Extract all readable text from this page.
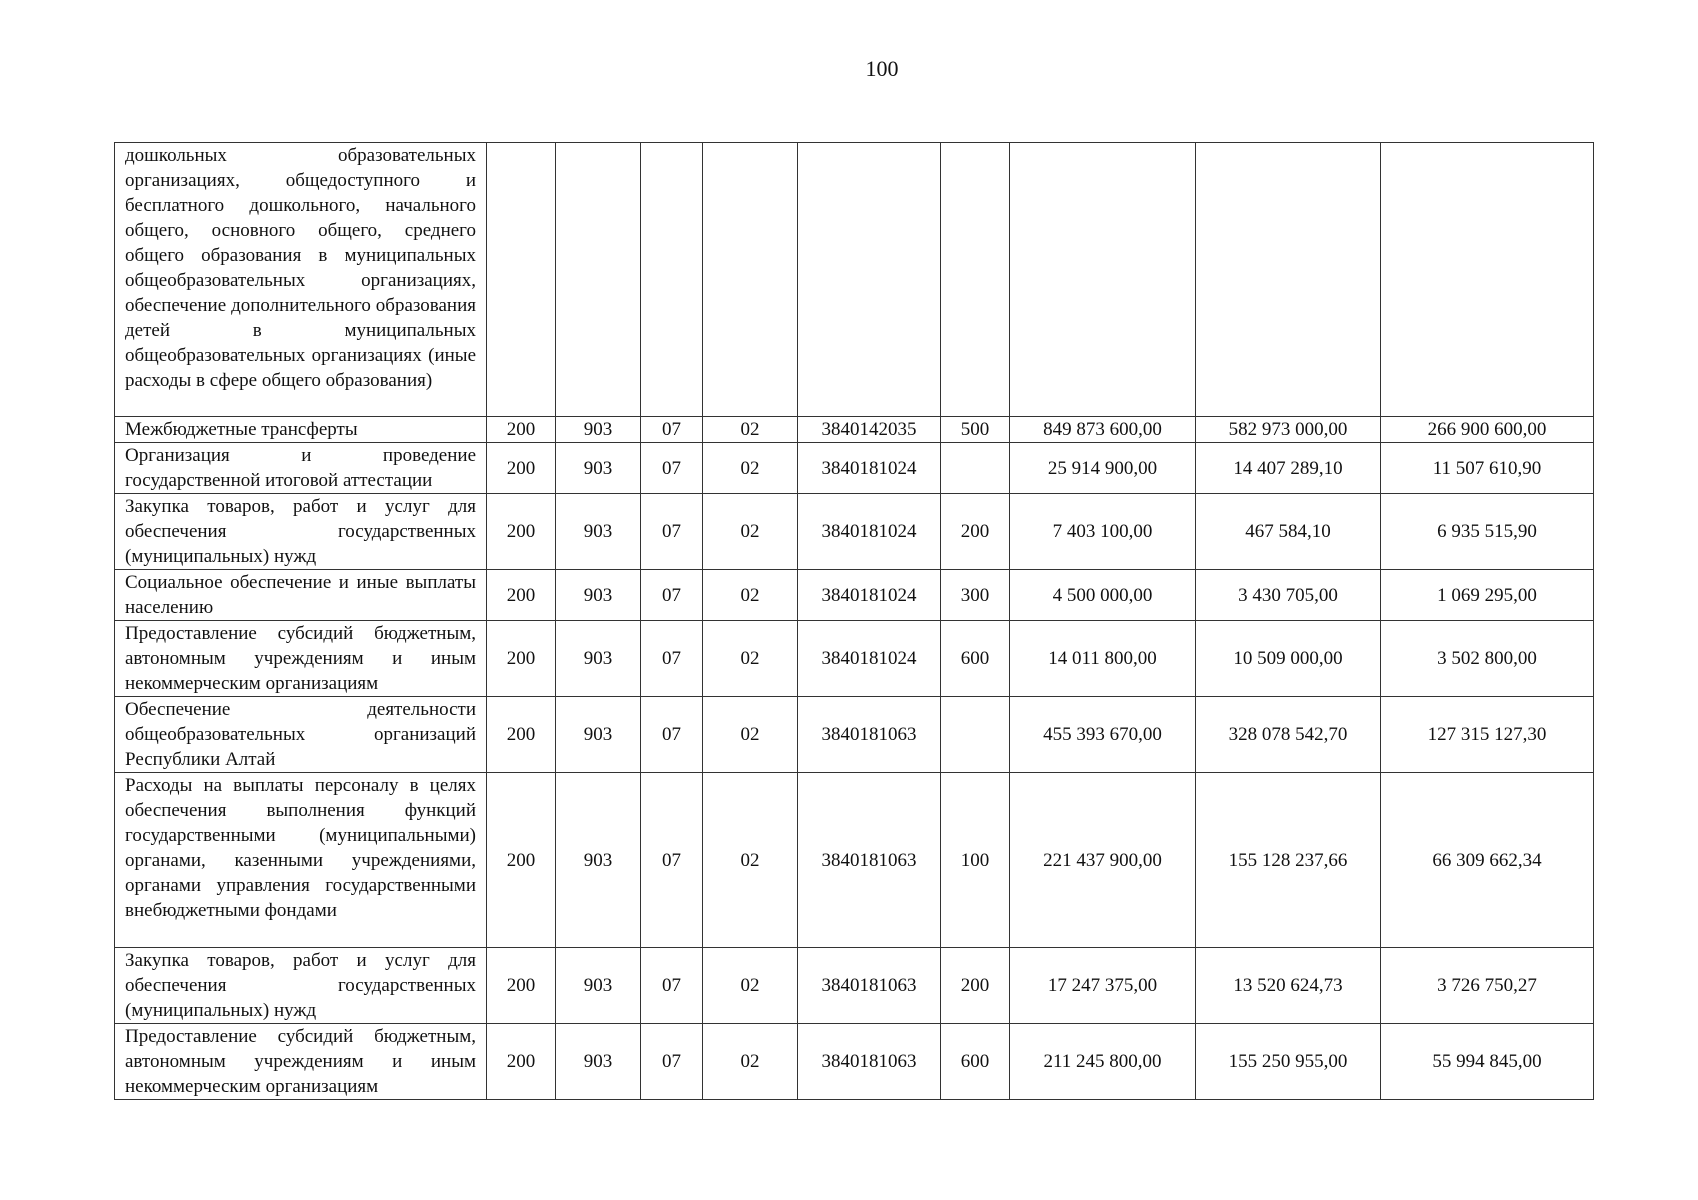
100
дошкольных образовательных организациях, общедоступного и бесплатного дошкольного, начального общего, основного общего, среднего общего образования в муниципальных общеобразовательных организациях, обеспечение дополнительного образования детей в муниципальных общеобразовательных организациях (иные расходы в сфере общего образования)									
Межбюджетные трансферты	200	903	07	02	3840142035	500	849 873 600,00	582 973 000,00	266 900 600,00
Организация и проведение государственной итоговой аттестации	200	903	07	02	3840181024		25 914 900,00	14 407 289,10	11 507 610,90
Закупка товаров, работ и услуг для обеспечения государственных (муниципальных) нужд	200	903	07	02	3840181024	200	7 403 100,00	467 584,10	6 935 515,90
Социальное обеспечение и иные выплаты населению	200	903	07	02	3840181024	300	4 500 000,00	3 430 705,00	1 069 295,00
Предоставление субсидий бюджетным, автономным учреждениям и иным некоммерческим организациям	200	903	07	02	3840181024	600	14 011 800,00	10 509 000,00	3 502 800,00
Обеспечение деятельности общеобразовательных организаций Республики Алтай	200	903	07	02	3840181063		455 393 670,00	328 078 542,70	127 315 127,30
Расходы на выплаты персоналу в целях обеспечения выполнения функций государственными (муниципальными) органами, казенными учреждениями, органами управления государственными внебюджетными фондами	200	903	07	02	3840181063	100	221 437 900,00	155 128 237,66	66 309 662,34
Закупка товаров, работ и услуг для обеспечения государственных (муниципальных) нужд	200	903	07	02	3840181063	200	17 247 375,00	13 520 624,73	3 726 750,27
Предоставление субсидий бюджетным, автономным учреждениям и иным некоммерческим организациям	200	903	07	02	3840181063	600	211 245 800,00	155 250 955,00	55 994 845,00
